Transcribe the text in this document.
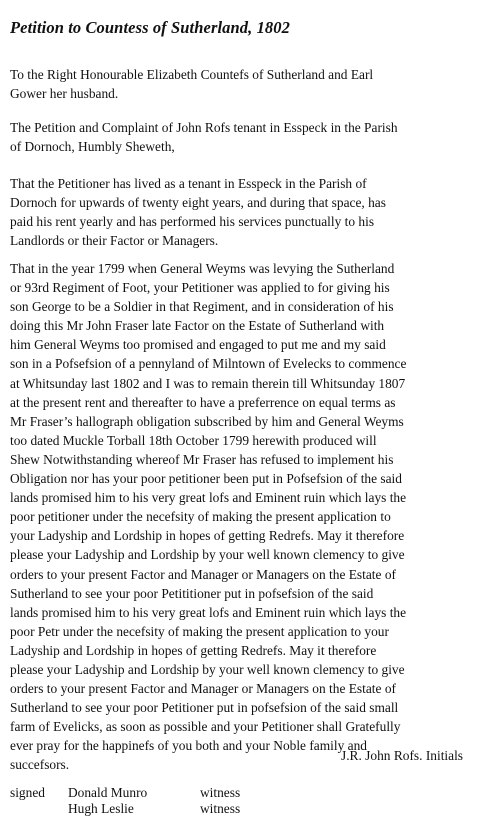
Petition to Countess of Sutherland, 1802

To the Right Honourable Elizabeth Countefs of Sutherland and Earl
Gower her husband.

The Petition and Complaint of John Rofs tenant in Esspeck in the Parish
of Dornoch, Humbly Sheweth,

That the Petitioner has lived as a tenant in Esspeck in the Parish of
Dornoch for upwards of twenty eight years, and during that space, has
paid his rent yearly and has performed his services punctually to his
Landlords or their Factor or Managers.

That in the year 1799 when General Weyms was levying the Sutherland
or 93rd Regiment of Foot, your Petitioner was applied to for giving his
son George to be a Soldier in that Regiment, and in consideration of his
doing this Mr John Fraser late Factor on the Estate of Sutherland with
him General Weyms too promised and engaged to put me and my said
son in a Pofsefsion of a pennyland of Milntown of Evelecks to commence
at Whitsunday last 1802 and I was to remain therein till Whitsunday 1807
at the present rent and thereafter to have a preferrence on equal terms as
Mr Fraser’s hallograph obligation subscribed by him and General Weyms
too dated Muckle Torball 18th October 1799 herewith produced will
Shew Notwithstanding whereof Mr Fraser has refused to implement his
Obligation nor has your poor petitioner been put in Pofsefsion of the said
lands promised him to his very great lofs and Eminent ruin which lays the
poor petitioner under the necefsity of making the present application to
your Ladyship and Lordship in hopes of getting Redrefs. May it therefore
please your Ladyship and Lordship by your well known clemency to give
orders to your present Factor and Manager or Managers on the Estate of
Sutherland to see your poor Petititioner put in pofsefsion of the said
lands promised him to his very great lofs and Eminent ruin which lays the
poor Petr under the necefsity of making the present application to your
Ladyship and Lordship in hopes of getting Redrefs. May it therefore
please your Ladyship and Lordship by your well known clemency to give
orders to your present Factor and Manager or Managers on the Estate of
Sutherland to see your poor Petitioner put in pofsefsion of the said small
farm of Evelicks, as soon as possible and your Petitioner shall Gratefully
ever pray for the happinefs of you both and your Noble family and
succefsors.

J.R. John Rofs. Initials
signed Donald Munro	witness
Hugh Leslie	witness
